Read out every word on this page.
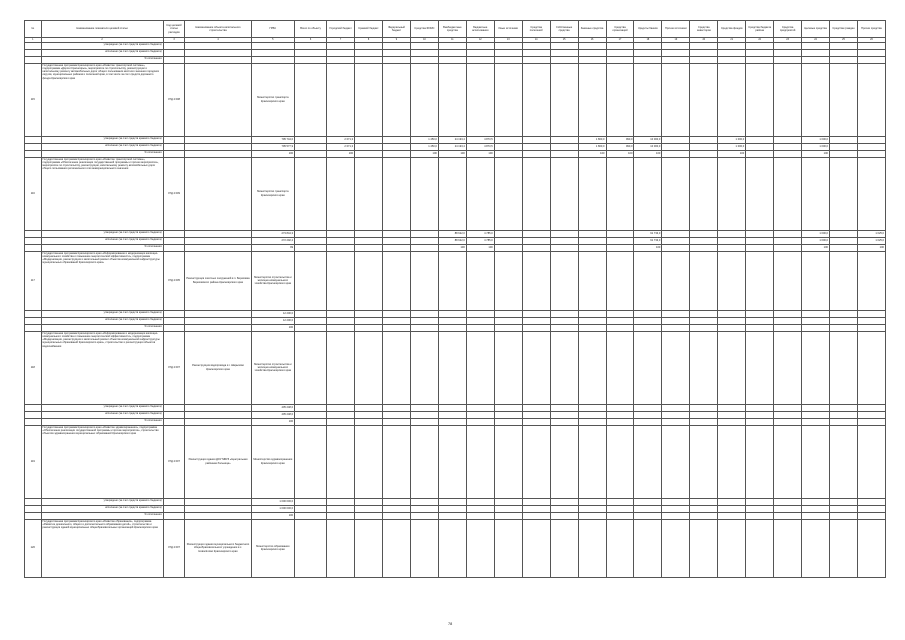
№	Наименование показателя целевой статьи	Код целевой статьи расходов	Наименование объекта капитального строительства	ГРБС	Всего по объекту	Городской бюджет	Краевой бюджет	Федеральный бюджет	Средства ФОМС	Внебюджетные средства	Бюджетные ассигнования	Иные источники	Средства поселений	Собственные средства	Заемные средства	Средства организаций	Кредиты банков	Прочие источники	Средства инвесторов	Средства фондов	Средства бюджета района	Средства предприятий	Целевые средства	Средства граждан	Прочие средства
1	2	3	4	5	6	7	8	9	10	11	12	13	14	15	16	17	18	19	20	21	22	23	24	25	26
	утверждено (за счет средств краевого бюджета)																								
	исполнено (за счет средств краевого бюджета)																								
	% исполнения																								
115	Государственная программа Красноярского края «Развитие транспортной системы», подпрограмма «Дороги Красноярья», мероприятие по строительству, реконструкции и капитальному ремонту автомобильных дорог общего пользования местного значения городских округов, муниципальных районов и поселений края, в том числе за счет средств дорожного фонда Красноярского края	07Д 4 008		Министерство транспорта Красноярского края																					
	утверждено (за счет средств краевого бюджета)			795 744,0		2 071,3			1 450,0	24 193,4	4 873,5				1 800,0	990,0	10 000,0			1 000,0			1 000,0		
	исполнено (за счет средств краевого бюджета)			795 577,9		2 071,3			1 450,0	24 193,4	4 873,5				1 800,0	990,0	10 000,0			1 000,0			1 000,0		
	% исполнения			100		100			100	100	100				100	100	100			100			100		
116	Государственная программа Красноярского края «Развитие транспортной системы», подпрограмма «Обеспечение реализации государственной программы и прочие мероприятия», мероприятие по строительству, реконструкции, капитальному ремонту автомобильных дорог общего пользования регионального или межмуниципального значения	07Д 4 009		Министерство транспорта Красноярского края																					
	утверждено (за счет средств краевого бюджета)			273 844,3						88 622,0	4 785,0						91 733,0						1 000,0		1 025,0
	исполнено (за счет средств краевого бюджета)			272 292,2						88 622,0	4 785,0						91 733,0						1 000,0		1 025,0
	% исполнения			99						100	100						100						100		100
117	Государственная программа Красноярского края «Реформирование и модернизация жилищно-коммунального хозяйства и повышение энергетической эффективности», подпрограмма «Модернизация, реконструкция и капитальный ремонт объектов коммунальной инфраструктуры муниципальных образований Красноярского края»	07Д 4 005	Реконструкция очистных сооружений в п. Березовка Березовского района Красноярского края	Министерство строительства и жилищно-коммунального хозяйства Красноярского края																					
	утверждено (за счет средств краевого бюджета)			12 200,0																					
	исполнено (за счет средств краевого бюджета)			12 200,0																					
	% исполнения			100																					
118	Государственная программа Красноярского края «Реформирование и модернизация жилищно-коммунального хозяйства и повышение энергетической эффективности», подпрограмма «Модернизация, реконструкция и капитальный ремонт объектов коммунальной инфраструктуры муниципальных образований Красноярского края», строительство и реконструкция объектов водоснабжения	07Д 4 007	Реконструкция водопровода в г. Шарыпово Красноярского края	Министерство строительства и жилищно-коммунального хозяйства Красноярского края																					
	утверждено (за счет средств краевого бюджета)			405 248,0																					
	исполнено (за счет средств краевого бюджета)			405 248,0																					
	% исполнения			100																					
119	Государственная программа Красноярского края «Развитие здравоохранения», подпрограмма «Обеспечение реализации государственной программы и прочие мероприятия», строительство объектов здравоохранения муниципальных образований Красноярского края	07Д 4 007	Реконструкция здания ДОУ МБУЗ «Центральная районная больница»	Министерство здравоохранения Красноярского края																					
	утверждено (за счет средств краевого бюджета)			1 000 000,0																					
	исполнено (за счет средств краевого бюджета)			1 000 000,0																					
	% исполнения			100																					
120	Государственная программа Красноярского края «Развитие образования», подпрограмма «Развитие дошкольного, общего и дополнительного образования детей», строительство и реконструкция зданий муниципальных общеобразовательных организаций Красноярского края	07Д 4 007	Реконструкция здания муниципального бюджетного общеобразовательного учреждения в с. Новосёлово Красноярского края	Министерство образования Красноярского края																					
78
